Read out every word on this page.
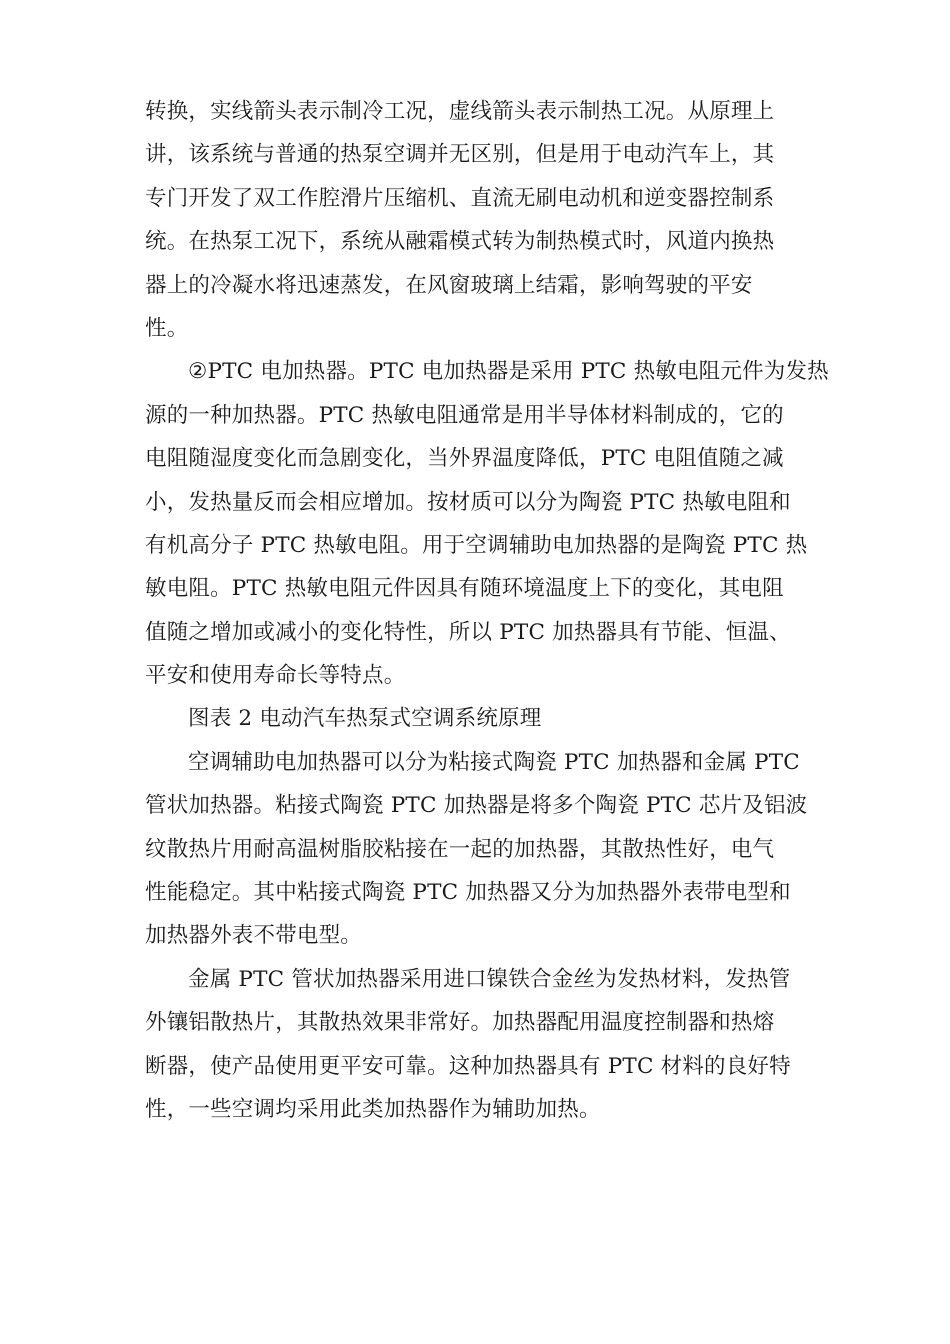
转换，实线箭头表示制冷工况，虚线箭头表示制热工况。从原理上
讲，该系统与普通的热泵空调并无区别，但是用于电动汽车上，其
专门开发了双工作腔滑片压缩机、直流无刷电动机和逆变器控制系
统。在热泵工况下，系统从融霜模式转为制热模式时，风道内换热
器上的冷凝水将迅速蒸发，在风窗玻璃上结霜，影响驾驶的平安
性。
②PTC 电加热器。PTC 电加热器是采用 PTC 热敏电阻元件为发热
源的一种加热器。PTC 热敏电阻通常是用半导体材料制成的，它的
电阻随湿度变化而急剧变化，当外界温度降低，PTC 电阻值随之减
小，发热量反而会相应增加。按材质可以分为陶瓷 PTC 热敏电阻和
有机高分子 PTC 热敏电阻。用于空调辅助电加热器的是陶瓷 PTC 热
敏电阻。PTC 热敏电阻元件因具有随环境温度上下的变化，其电阻
值随之增加或减小的变化特性，所以 PTC 加热器具有节能、恒温、
平安和使用寿命长等特点。
图表 2 电动汽车热泵式空调系统原理
空调辅助电加热器可以分为粘接式陶瓷 PTC 加热器和金属 PTC
管状加热器。粘接式陶瓷 PTC 加热器是将多个陶瓷 PTC 芯片及铝波
纹散热片用耐高温树脂胶粘接在一起的加热器，其散热性好，电气
性能稳定。其中粘接式陶瓷 PTC 加热器又分为加热器外表带电型和
加热器外表不带电型。
金属 PTC 管状加热器采用进口镍铁合金丝为发热材料，发热管
外镶铝散热片，其散热效果非常好。加热器配用温度控制器和热熔
断器，使产品使用更平安可靠。这种加热器具有 PTC 材料的良好特
性，一些空调均采用此类加热器作为辅助加热。
